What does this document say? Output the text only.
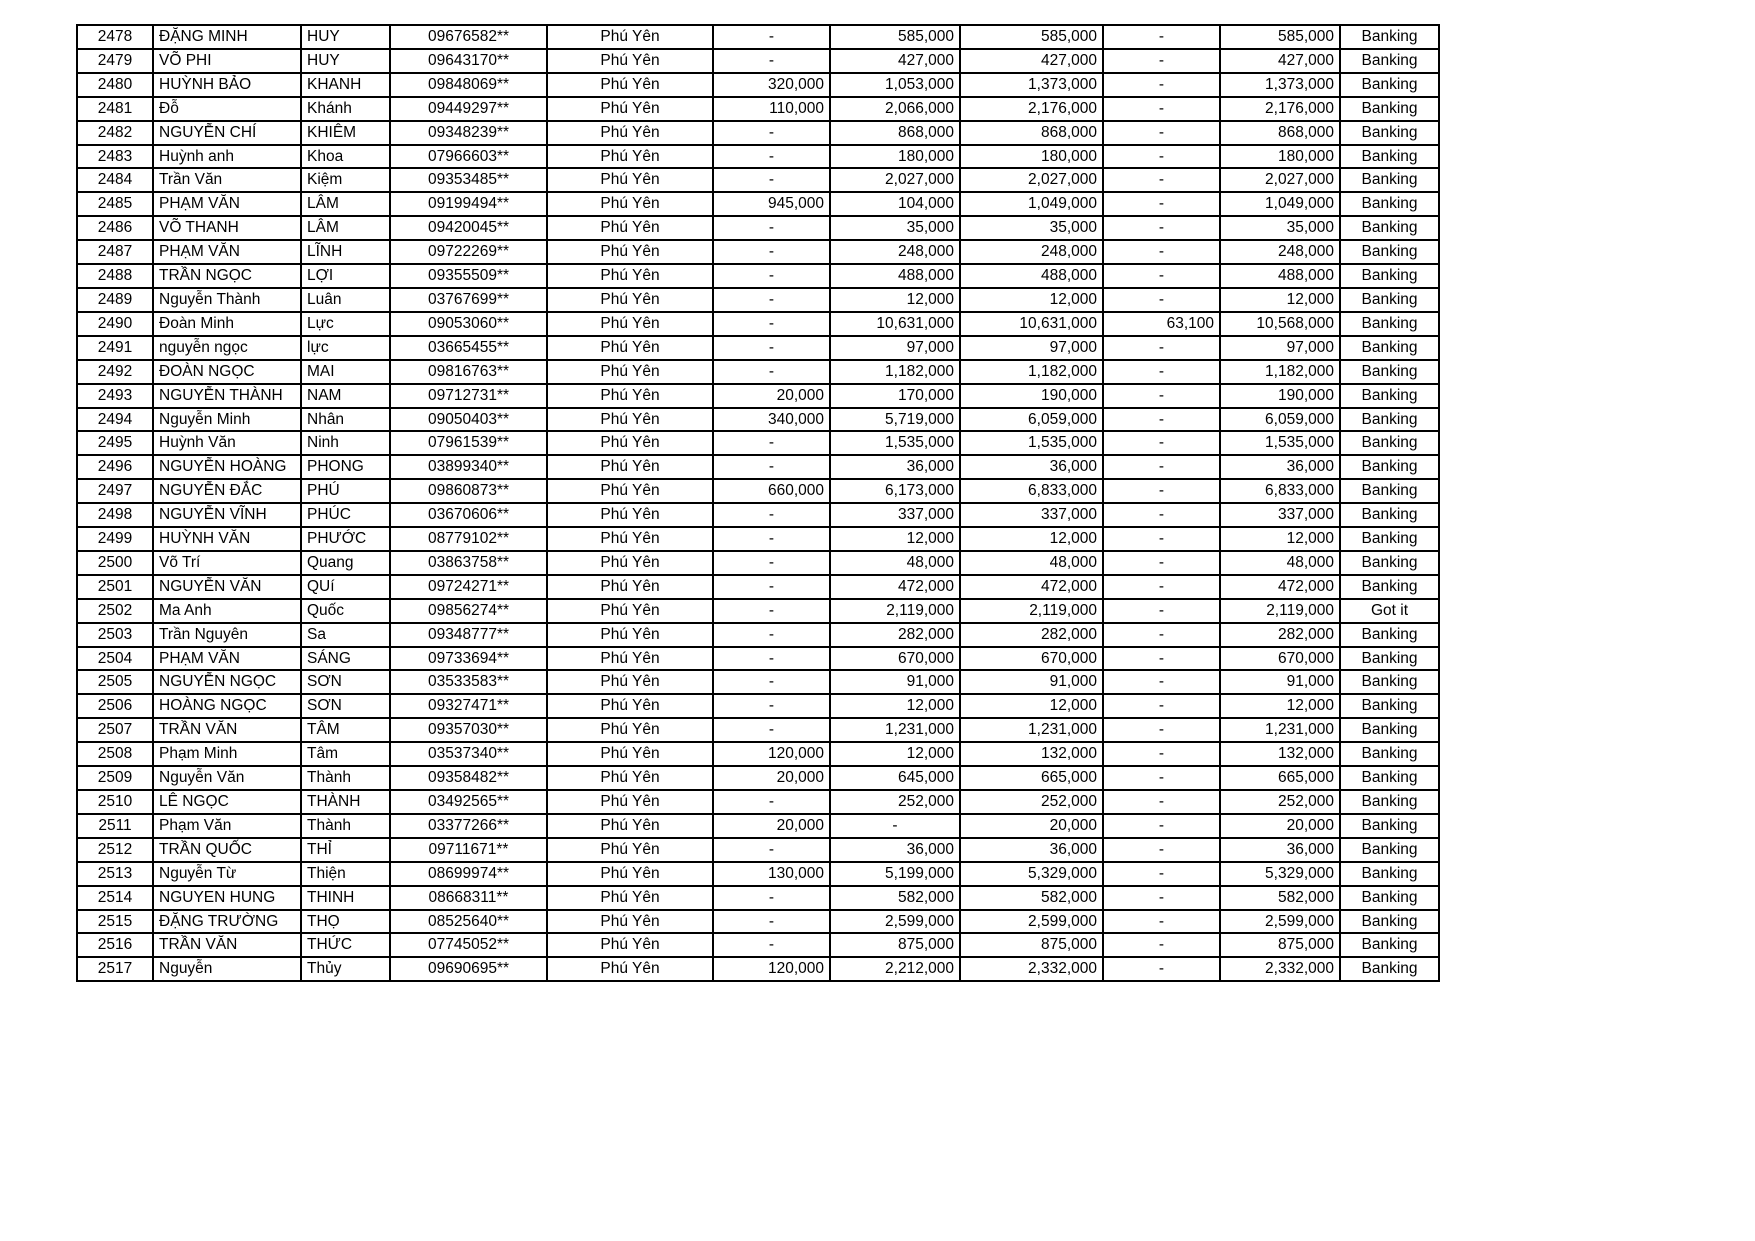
2478	ĐẶNG MINH	HUY	09676582**	Phú Yên	-	585,000	585,000	-	585,000	Banking
2479	VÕ PHI	HUY	09643170**	Phú Yên	-	427,000	427,000	-	427,000	Banking
2480	HUỲNH BẢO	KHANH	09848069**	Phú Yên	320,000	1,053,000	1,373,000	-	1,373,000	Banking
2481	Đỗ	Khánh	09449297**	Phú Yên	110,000	2,066,000	2,176,000	-	2,176,000	Banking
2482	NGUYỄN CHÍ	KHIÊM	09348239**	Phú Yên	-	868,000	868,000	-	868,000	Banking
2483	Huỳnh anh	Khoa	07966603**	Phú Yên	-	180,000	180,000	-	180,000	Banking
2484	Trần Văn	Kiệm	09353485**	Phú Yên	-	2,027,000	2,027,000	-	2,027,000	Banking
2485	PHẠM VĂN	LÂM	09199494**	Phú Yên	945,000	104,000	1,049,000	-	1,049,000	Banking
2486	VÕ THANH	LÂM	09420045**	Phú Yên	-	35,000	35,000	-	35,000	Banking
2487	PHẠM VĂN	LĨNH	09722269**	Phú Yên	-	248,000	248,000	-	248,000	Banking
2488	TRẦN NGỌC	LỢI	09355509**	Phú Yên	-	488,000	488,000	-	488,000	Banking
2489	Nguyễn Thành	Luân	03767699**	Phú Yên	-	12,000	12,000	-	12,000	Banking
2490	Đoàn Minh	Lực	09053060**	Phú Yên	-	10,631,000	10,631,000	63,100	10,568,000	Banking
2491	nguyễn ngọc	lực	03665455**	Phú Yên	-	97,000	97,000	-	97,000	Banking
2492	ĐOÀN NGỌC	MAI	09816763**	Phú Yên	-	1,182,000	1,182,000	-	1,182,000	Banking
2493	NGUYỄN THÀNH	NAM	09712731**	Phú Yên	20,000	170,000	190,000	-	190,000	Banking
2494	Nguyễn Minh	Nhân	09050403**	Phú Yên	340,000	5,719,000	6,059,000	-	6,059,000	Banking
2495	Huỳnh Văn	Ninh	07961539**	Phú Yên	-	1,535,000	1,535,000	-	1,535,000	Banking
2496	NGUYỄN HOÀNG	PHONG	03899340**	Phú Yên	-	36,000	36,000	-	36,000	Banking
2497	NGUYỄN ĐẮC	PHÚ	09860873**	Phú Yên	660,000	6,173,000	6,833,000	-	6,833,000	Banking
2498	NGUYỄN VĨNH	PHÚC	03670606**	Phú Yên	-	337,000	337,000	-	337,000	Banking
2499	HUỲNH VĂN	PHƯỚC	08779102**	Phú Yên	-	12,000	12,000	-	12,000	Banking
2500	Võ Trí	Quang	03863758**	Phú Yên	-	48,000	48,000	-	48,000	Banking
2501	NGUYỄN VĂN	QUí	09724271**	Phú Yên	-	472,000	472,000	-	472,000	Banking
2502	Ma Anh	Quốc	09856274**	Phú Yên	-	2,119,000	2,119,000	-	2,119,000	Got it
2503	Trần Nguyên	Sa	09348777**	Phú Yên	-	282,000	282,000	-	282,000	Banking
2504	PHẠM VĂN	SÁNG	09733694**	Phú Yên	-	670,000	670,000	-	670,000	Banking
2505	NGUYỄN NGỌC	SƠN	03533583**	Phú Yên	-	91,000	91,000	-	91,000	Banking
2506	HOÀNG NGỌC	SƠN	09327471**	Phú Yên	-	12,000	12,000	-	12,000	Banking
2507	TRẦN VĂN	TÂM	09357030**	Phú Yên	-	1,231,000	1,231,000	-	1,231,000	Banking
2508	Phạm Minh	Tâm	03537340**	Phú Yên	120,000	12,000	132,000	-	132,000	Banking
2509	Nguyễn Văn	Thành	09358482**	Phú Yên	20,000	645,000	665,000	-	665,000	Banking
2510	LÊ NGỌC	THÀNH	03492565**	Phú Yên	-	252,000	252,000	-	252,000	Banking
2511	Phạm Văn	Thành	03377266**	Phú Yên	20,000	-	20,000	-	20,000	Banking
2512	TRẦN QUỐC	THỈ	09711671**	Phú Yên	-	36,000	36,000	-	36,000	Banking
2513	Nguyễn Từ	Thiện	08699974**	Phú Yên	130,000	5,199,000	5,329,000	-	5,329,000	Banking
2514	NGUYEN HUNG	THINH	08668311**	Phú Yên	-	582,000	582,000	-	582,000	Banking
2515	ĐẶNG TRƯỜNG	THỌ	08525640**	Phú Yên	-	2,599,000	2,599,000	-	2,599,000	Banking
2516	TRẦN VĂN	THỨC	07745052**	Phú Yên	-	875,000	875,000	-	875,000	Banking
2517	Nguyễn	Thủy	09690695**	Phú Yên	120,000	2,212,000	2,332,000	-	2,332,000	Banking
